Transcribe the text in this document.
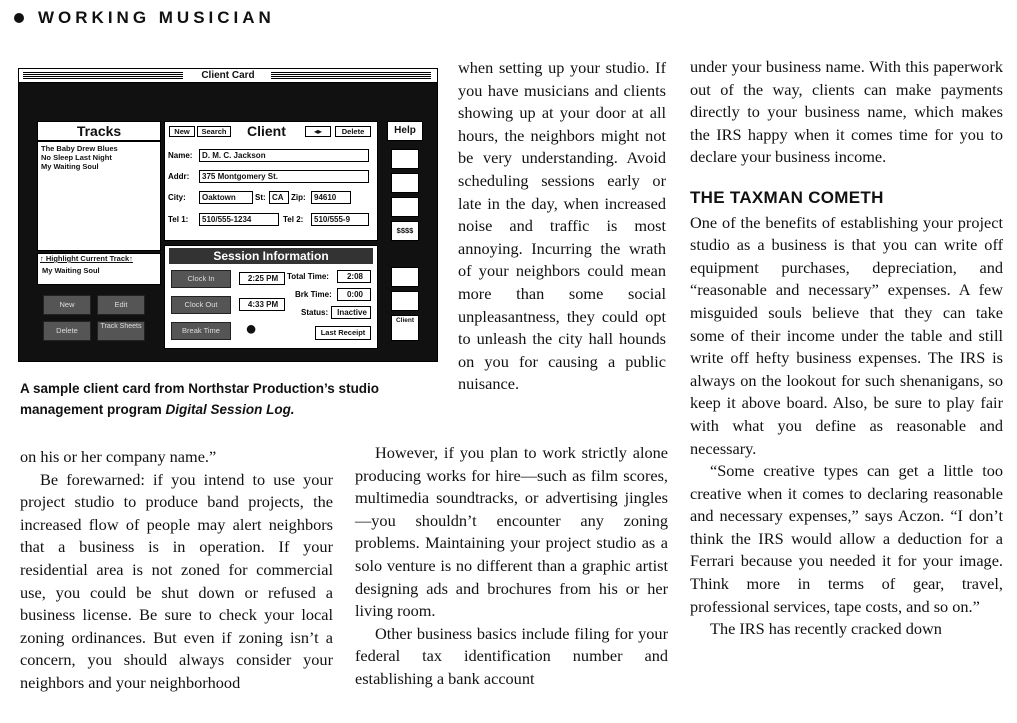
WORKING MUSICIAN
Client Card
Tracks
The Baby Drew Blues
No Sleep Last Night
My Waiting Soul
↑ Highlight Current Track↑
My Waiting Soul
New	Edit
Delete	Track Sheets
New	Search Client	◂▸	Delete
Name:	D. M. C. Jackson
Addr:	375 Montgomery St.
City:	Oaktown	St: CA Zip:	94610
Tel 1:	510/555-1234	Tel 2:	510/555-9
Session Information
Clock In	2:25 PM
Clock Out	4:33 PM
Break Time	●
Total Time:	2:08
Brk Time:	0:00
Status:	Inactive
Last Receipt
Help
$$$$
Client
A sample client card from Northstar Production’s studio management program Digital Session Log.

on his or her company name.”

Be forewarned: if you intend to use your project studio to produce band projects, the increased flow of people may alert neighbors that a business is in operation. If your residential area is not zoned for commercial use, you could be shut down or refused a business license. Be sure to check your local zoning ordinances. But even if zoning isn’t a concern, you should always consider your neighbors and your neighborhood

when setting up your studio. If you have musicians and clients showing up at your door at all hours, the neighbors might not be very understanding. Avoid scheduling sessions early or late in the day, when increased noise and traffic is most annoying. Incurring the wrath of your neighbors could mean more than some social unpleasantness, they could opt to unleash the city hall hounds on you for causing a public nuisance.

However, if you plan to work strictly alone producing works for hire—such as film scores, multimedia soundtracks, or advertising jingles—you shouldn’t encounter any zoning problems. Maintaining your project studio as a solo venture is no different than a graphic artist designing ads and brochures from his or her living room.

Other business basics include filing for your federal tax identification number and establishing a bank account

under your business name. With this paperwork out of the way, clients can make payments directly to your business name, which makes the IRS happy when it comes time for you to declare your business income.

THE TAXMAN COMETH

One of the benefits of establishing your project studio as a business is that you can write off equipment purchases, depreciation, and “reasonable and necessary” expenses. A few misguided souls believe that they can take some of their income under the table and still write off hefty business expenses. The IRS is always on the lookout for such shenanigans, so keep it above board. Also, be sure to play fair with what you define as reasonable and necessary.

“Some creative types can get a little too creative when it comes to declaring reasonable and necessary expenses,” says Aczon. “I don’t think the IRS would allow a deduction for a Ferrari because you needed it for your image. Think more in terms of gear, travel, professional services, tape costs, and so on.”

The IRS has recently cracked down
